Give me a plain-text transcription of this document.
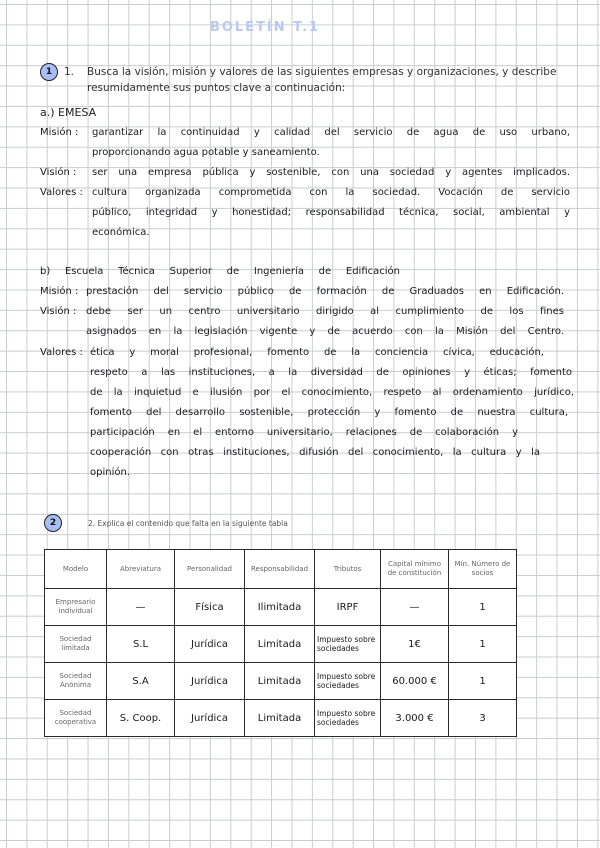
BOLETÍN T.1
1	1. Busca la visión, misión y valores de las siguientes empresas y organizaciones, y describe
resumidamente sus puntos clave a continuación:
a.) EMESA
Misión : garantizar la continuidad y calidad del servicio de agua de uso urbano,
proporcionando agua potable y saneamiento.
Visión : ser una empresa pública y sostenible, con una sociedad y agentes implicados.
Valores : cultura organizada comprometida con la sociedad. Vocación de servicio
público, integridad y honestidad; responsabilidad técnica, social, ambiental y
económica.
b) Escuela Técnica Superior de Ingeniería de Edificación
Misión : prestación del servicio público de formación de Graduados en Edificación.
Visión : debe ser un centro universitario dirigido al cumplimiento de los fines
asignados en la legislación vigente y de acuerdo con la Misión del Centro.
Valores : ética y moral profesional, fomento de la conciencia cívica, educación,
respeto a las instituciones, a la diversidad de opiniones y éticas; fomento
de la inquietud e ilusión por el conocimiento, respeto al ordenamiento jurídico,
fomento del desarrollo sostenible, protección y fomento de nuestra cultura,
participación en el entorno universitario, relaciones de colaboración y
cooperación con otras instituciones, difusión del conocimiento, la cultura y la
opinión.
2	2. Explica el contenido que falta en la siguiente tabla
Modelo	Abreviatura	Personalidad	Responsabilidad	Tributos	Capital mínimo de constitución	Mín. Número de socios
Empresario individual	—	Física	Ilimitada	IRPF	—	1
Sociedad limitada	S.L	Jurídica	Limitada	Impuesto sobre sociedades	1€	1
Sociedad Anónima	S.A	Jurídica	Limitada	Impuesto sobre sociedades	60.000 €	1
Sociedad cooperativa	S. Coop.	Jurídica	Limitada	Impuesto sobre sociedades	3.000 €	3
